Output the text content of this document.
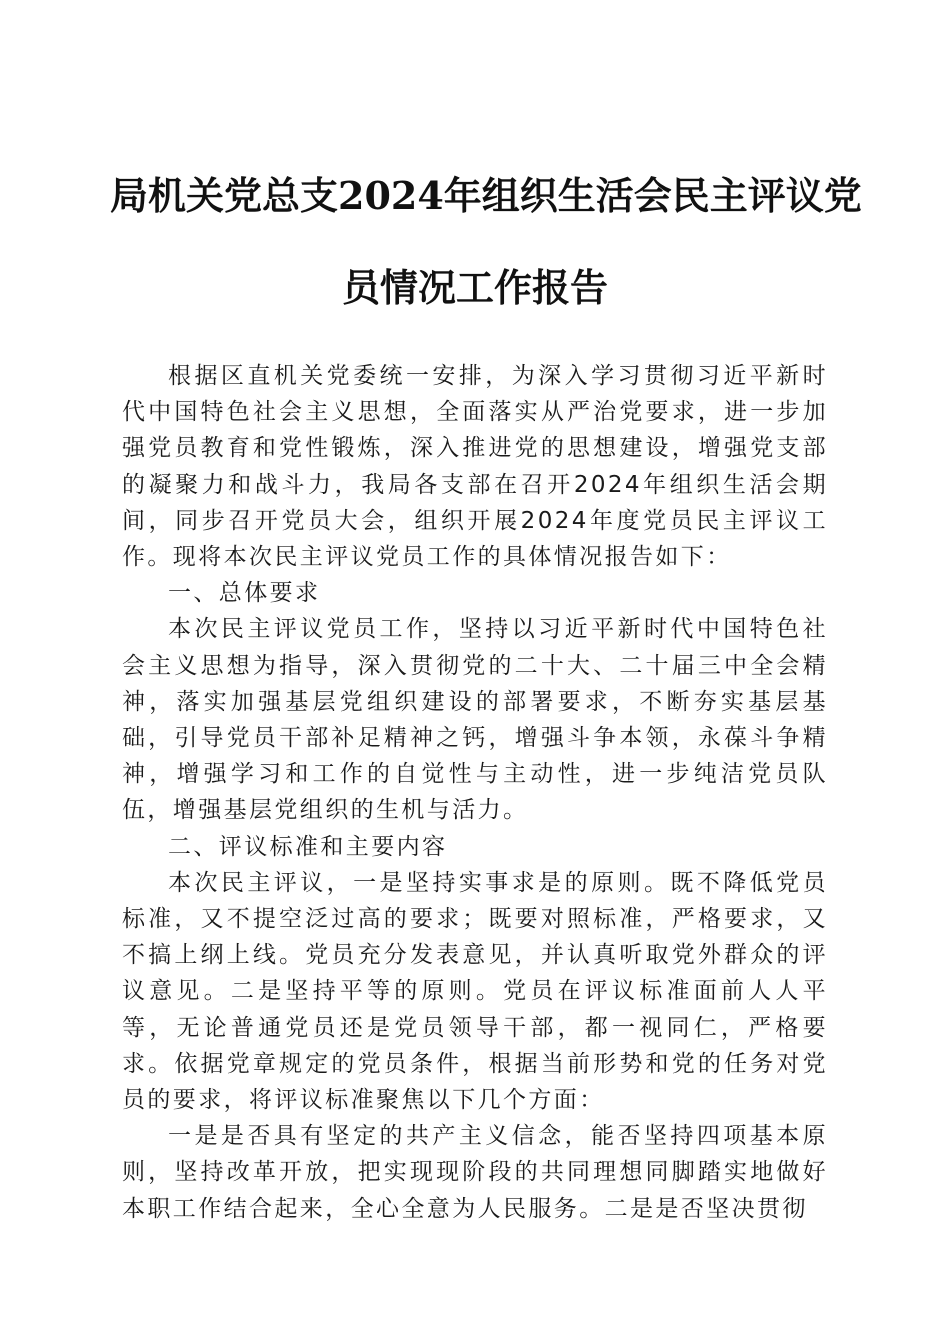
局机关党总支2024年组织生活会民主评议党
员情况工作报告

根据区直机关党委统一安排，为深入学习贯彻习近平新时代中国特色社会主义思想，全面落实从严治党要求，进一步加强党员教育和党性锻炼，深入推进党的思想建设，增强党支部的凝聚力和战斗力，我局各支部在召开2024年组织生活会期间，同步召开党员大会，组织开展2024年度党员民主评议工作。现将本次民主评议党员工作的具体情况报告如下：

一、总体要求

本次民主评议党员工作，坚持以习近平新时代中国特色社会主义思想为指导，深入贯彻党的二十大、二十届三中全会精神，落实加强基层党组织建设的部署要求，不断夯实基层基础，引导党员干部补足精神之钙，增强斗争本领，永葆斗争精神，增强学习和工作的自觉性与主动性，进一步纯洁党员队伍，增强基层党组织的生机与活力。

二、评议标准和主要内容

本次民主评议，一是坚持实事求是的原则。既不降低党员标准，又不提空泛过高的要求；既要对照标准，严格要求，又不搞上纲上线。党员充分发表意见，并认真听取党外群众的评议意见。二是坚持平等的原则。党员在评议标准面前人人平等，无论普通党员还是党员领导干部，都一视同仁，严格要求。依据党章规定的党员条件，根据当前形势和党的任务对党员的要求，将评议标准聚焦以下几个方面：

一是是否具有坚定的共产主义信念，能否坚持四项基本原则，坚持改革开放，把实现现阶段的共同理想同脚踏实地做好本职工作结合起来，全心全意为人民服务。二是是否坚决贯彻
